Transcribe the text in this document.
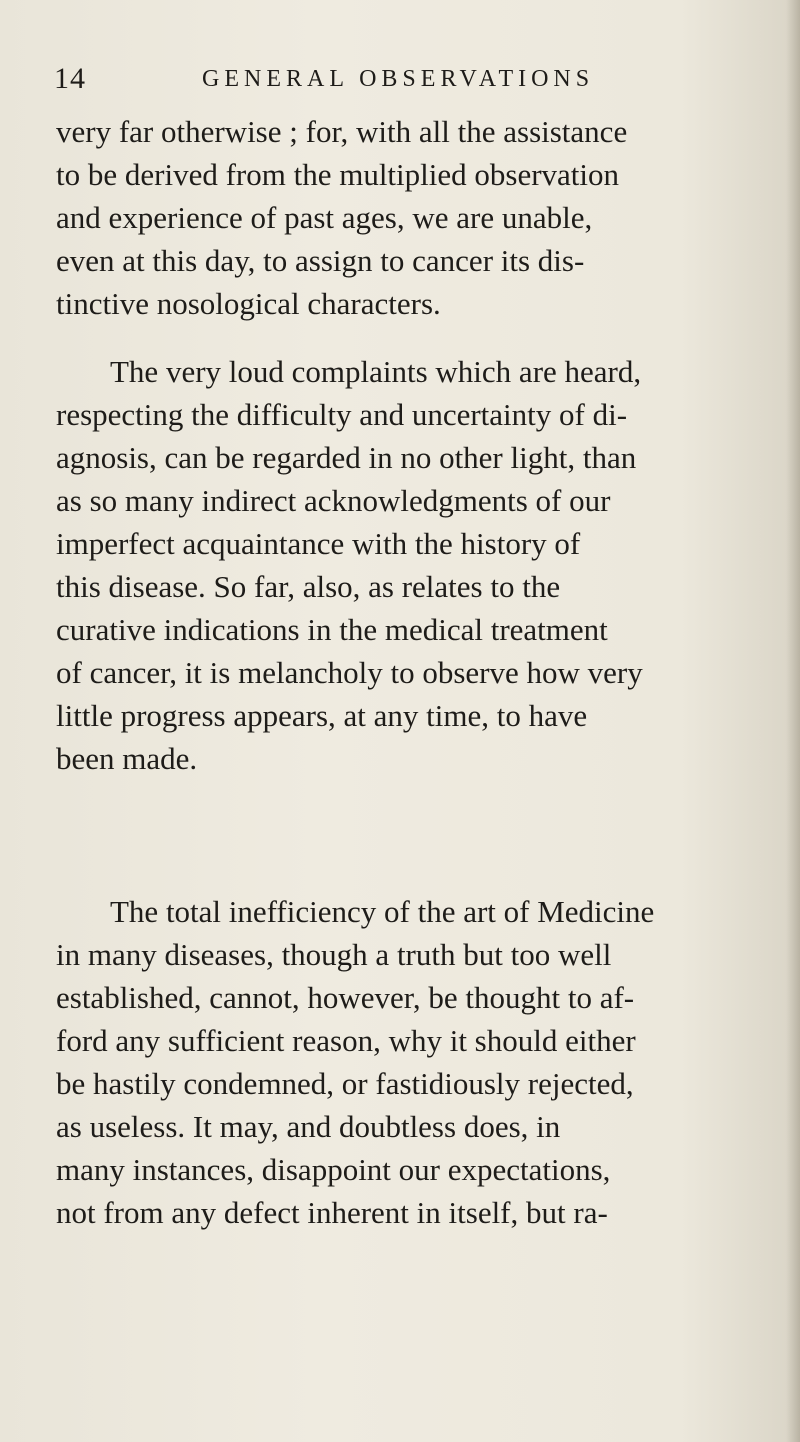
14	GENERAL OBSERVATIONS
very far otherwise ; for, with all the assistance
to be derived from the multiplied observation
and experience of past ages, we are unable,
even at this day, to assign to cancer its dis-
tinctive nosological characters.
The very loud complaints which are heard,
respecting the difficulty and uncertainty of di-
agnosis, can be regarded in no other light, than
as so many indirect acknowledgments of our
imperfect acquaintance with the history of
this disease. So far, also, as relates to the
curative indications in the medical treatment
of cancer, it is melancholy to observe how very
little progress appears, at any time, to have
been made.
The total inefficiency of the art of Medicine
in many diseases, though a truth but too well
established, cannot, however, be thought to af-
ford any sufficient reason, why it should either
be hastily condemned, or fastidiously rejected,
as useless. It may, and doubtless does, in
many instances, disappoint our expectations,
not from any defect inherent in itself, but ra-
